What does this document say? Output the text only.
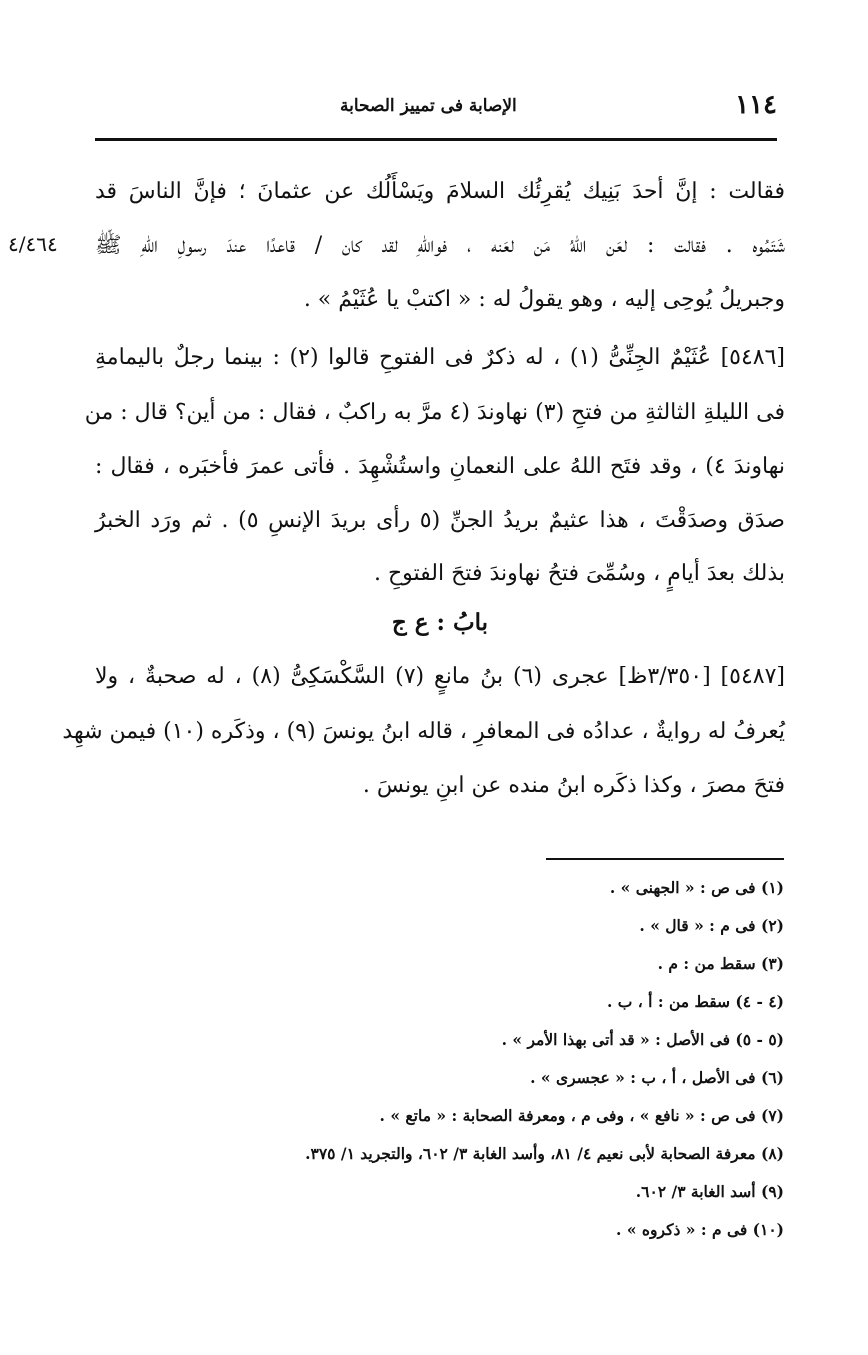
١١٤
الإصابة فى تمييز الصحابة
٤/٤٦٤
فقالت : إنَّ أحدَ بَنِيك يُقرِئُك السلامَ ويَسْأَلُك عن عثمانَ ؛ فإنَّ الناسَ قد
شَتَمُوه . فقالت : لعَن اللهُ مَن لعَنه ، فواللهِ لقد كان / قاعدًا عندَ رسولِ اللهِ ﷺ
وجبريلُ يُوحِى إليه ، وهو يقولُ له : « اكتبْ يا عُثَيْمُ » .
[٥٤٨٦] عُثَيْمٌ الجِنِّىُّ (١) ، له ذكرٌ فى الفتوحِ قالوا (٢) : بينما رجلٌ باليمامةِ
فى الليلةِ الثالثةِ من فتحِ (٣) نهاوندَ (٤ مرَّ به راكبٌ ، فقال : من أين؟ قال : من
نهاوندَ ٤) ، وقد فتَح اللهُ على النعمانِ واستُشْهِدَ . فأتى عمرَ فأخبَره ، فقال :
صدَق وصدَقْتَ ، هذا عثيمٌ بريدُ الجنِّ (٥ رأى بريدَ الإنسِ ٥) . ثم ورَد الخبرُ
بذلك بعدَ أيامٍ ، وسُمِّىَ فتحُ نهاوندَ فتحَ الفتوحِ .
بابُ : ع ج
[٥٤٨٧] [٣/٣٥٠ظ] عجرى (٦) بنُ مانعٍ (٧) السَّكْسَكِىُّ (٨) ، له صحبةٌ ، ولا
يُعرفُ له روايةٌ ، عدادُه فى المعافرِ ، قاله ابنُ يونسَ (٩) ، وذكَره (١٠) فيمن شهِد
فتحَ مصرَ ، وكذا ذكَره ابنُ منده عن ابنِ يونسَ .
(١) فى ص : « الجهنى » .
(٢) فى م : « قال » .
(٣) سقط من : م .
(٤ - ٤) سقط من : أ ، ب .
(٥ - ٥) فى الأصل : « قد أتى بهذا الأمر » .
(٦) فى الأصل ، أ ، ب : « عجسرى » .
(٧) فى ص : « نافع » ، وفى م ، ومعرفة الصحابة : « ماتع » .
(٨) معرفة الصحابة لأبى نعيم ٤/ ٨١، وأسد الغابة ٣/ ٦٠٢، والتجريد ١/ ٣٧٥.
(٩) أسد الغابة ٣/ ٦٠٢.
(١٠) فى م : « ذكروه » .
